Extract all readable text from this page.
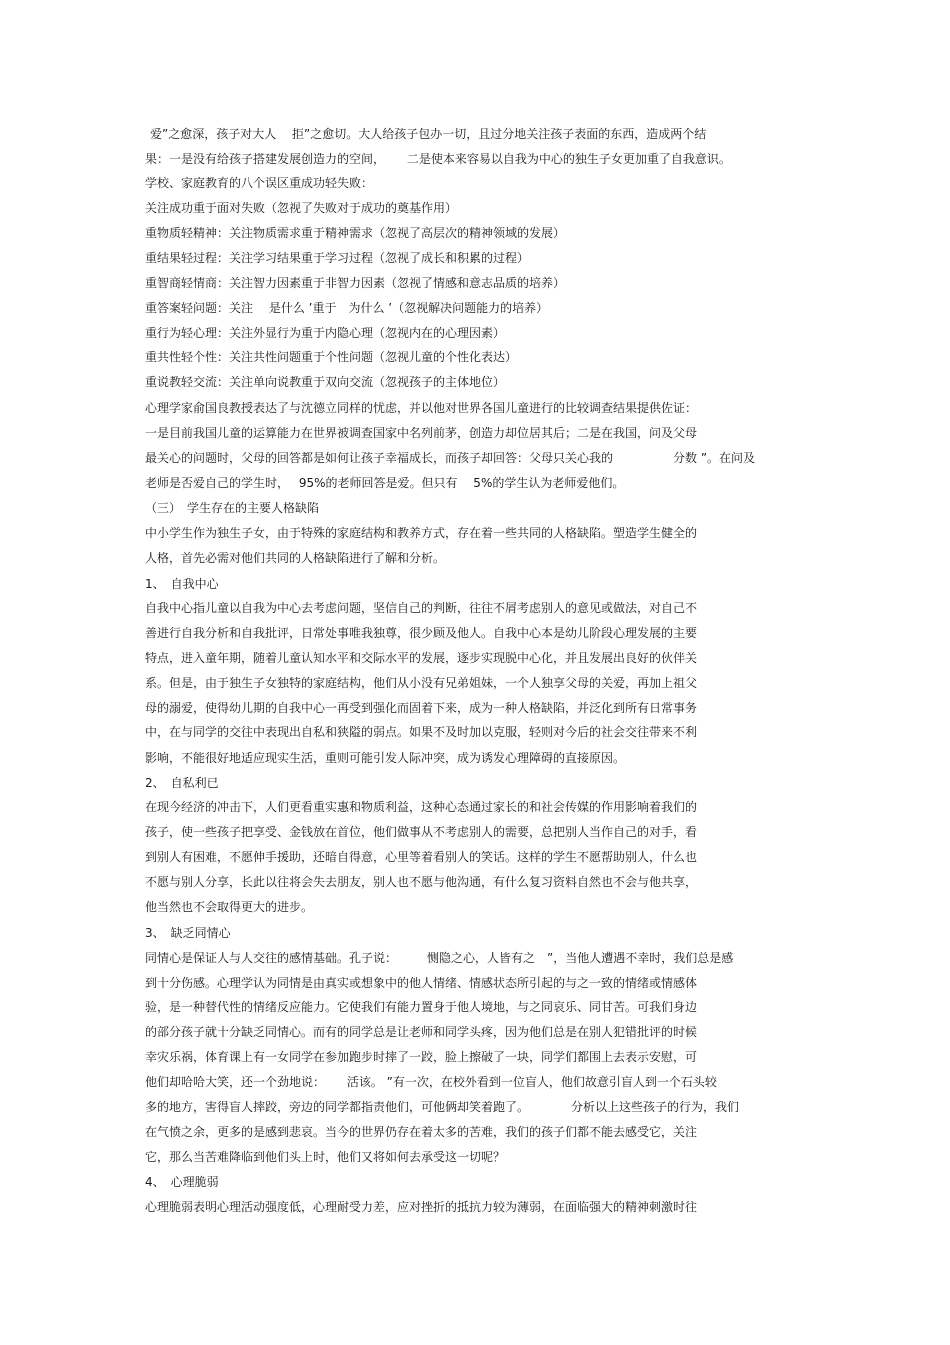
爱”之愈深，孩子对大人　 拒”之愈切。大人给孩子包办一切，且过分地关注孩子表面的东西，造成两个结
果：一是没有给孩子搭建发展创造力的空间，　　 二是使本来容易以自我为中心的独生子女更加重了自我意识。
学校、家庭教育的八个误区重成功轻失败：
关注成功重于面对失败（忽视了失败对于成功的奠基作用）
重物质轻精神：关注物质需求重于精神需求（忽视了高层次的精神领域的发展）
重结果轻过程：关注学习结果重于学习过程（忽视了成长和积累的过程）
重智商轻情商：关注智力因素重于非智力因素（忽视了情感和意志品质的培养）
重答案轻问题：关注　 是什么 ’重于　为什么 ’（忽视解决问题能力的培养）
重行为轻心理：关注外显行为重于内隐心理（忽视内在的心理因素）
重共性轻个性：关注共性问题重于个性问题（忽视儿童的个性化表达）
重说教轻交流：关注单向说教重于双向交流（忽视孩子的主体地位）
心理学家俞国良教授表达了与沈德立同样的忧虑，并以他对世界各国儿童进行的比较调查结果提供佐证：
一是目前我国儿童的运算能力在世界被调查国家中名列前茅，创造力却位居其后；二是在我国，问及父母
最关心的问题时，父母的回答都是如何让孩子幸福成长，而孩子却回答：父母只关心我的　　　　　分数 ”。在问及
老师是否爱自己的学生时，　 95%的老师回答是爱。但只有　 5%的学生认为老师爱他们。
（三）　学生存在的主要人格缺陷
中小学生作为独生子女，由于特殊的家庭结构和教养方式，存在着一些共同的人格缺陷。塑造学生健全的
人格，首先必需对他们共同的人格缺陷进行了解和分析。
1、　自我中心
自我中心指儿童以自我为中心去考虑问题，坚信自己的判断，往往不屑考虑别人的意见或做法，对自己不
善进行自我分析和自我批评，日常处事唯我独尊，很少顾及他人。自我中心本是幼儿阶段心理发展的主要
特点，进入童年期，随着儿童认知水平和交际水平的发展，逐步实现脱中心化，并且发展出良好的伙伴关
系。但是，由于独生子女独特的家庭结构，他们从小没有兄弟姐妹，一个人独享父母的关爱，再加上祖父
母的溺爱，使得幼儿期的自我中心一再受到强化而固着下来，成为一种人格缺陷，并泛化到所有日常事务
中，在与同学的交往中表现出自私和狭隘的弱点。如果不及时加以克服，轻则对今后的社会交往带来不利
影响，不能很好地适应现实生活，重则可能引发人际冲突，成为诱发心理障碍的直接原因。
2、　自私利已
在现今经济的冲击下，人们更看重实惠和物质利益，这种心态通过家长的和社会传媒的作用影响着我们的
孩子，使一些孩子把享受、金钱放在首位，他们做事从不考虑别人的需要，总把别人当作自己的对手，看
到别人有困难，不愿伸手援助，还暗自得意，心里等着看别人的笑话。这样的学生不愿帮助别人，什么也
不愿与别人分享，长此以往将会失去朋友，别人也不愿与他沟通，有什么复习资料自然也不会与他共享，
他当然也不会取得更大的进步。
3、　缺乏同情心
同情心是保证人与人交往的感情基础。孔子说：　　　恻隐之心，人皆有之　”，当他人遭遇不幸时，我们总是感
到十分伤感。心理学认为同情是由真实或想象中的他人情绪、情感状态所引起的与之一致的情绪或情感体
验，是一种替代性的情绪反应能力。它使我们有能力置身于他人境地，与之同哀乐、同甘苦。可我们身边
的部分孩子就十分缺乏同情心。而有的同学总是让老师和同学头疼，因为他们总是在别人犯错批评的时候
幸灾乐祸，体育课上有一女同学在参加跑步时摔了一跤，脸上擦破了一块，同学们都围上去表示安慰，可
他们却哈哈大笑，还一个劲地说：　　 活该。 ”有一次，在校外看到一位盲人，他们故意引盲人到一个石头较
多的地方，害得盲人摔跤，旁边的同学都指责他们，可他俩却笑着跑了。　　　　分析以上这些孩子的行为，我们
在气愤之余，更多的是感到悲哀。当今的世界仍存在着太多的苦难，我们的孩子们都不能去感受它，关注
它，那么当苦难降临到他们头上时，他们又将如何去承受这一切呢？
4、　心理脆弱
心理脆弱表明心理活动强度低，心理耐受力差，应对挫折的抵抗力较为薄弱，在面临强大的精神刺激时往
